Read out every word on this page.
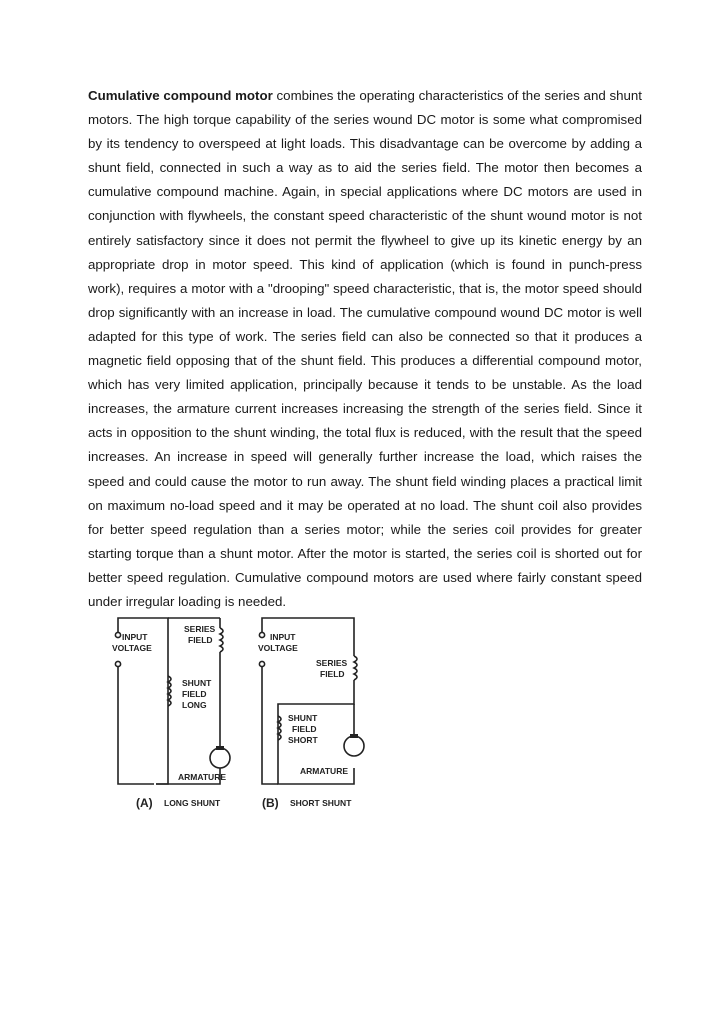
Cumulative compound motor combines the operating characteristics of the series and shunt motors. The high torque capability of the series wound DC motor is some what compromised by its tendency to overspeed at light loads. This disadvantage can be overcome by adding a shunt field, connected in such a way as to aid the series field. The motor then becomes a cumulative compound machine. Again, in special applications where DC motors are used in conjunction with flywheels, the constant speed characteristic of the shunt wound motor is not entirely satisfactory since it does not permit the flywheel to give up its kinetic energy by an appropriate drop in motor speed. This kind of application (which is found in punch-press work), requires a motor with a "drooping" speed characteristic, that is, the motor speed should drop significantly with an increase in load. The cumulative compound wound DC motor is well adapted for this type of work. The series field can also be connected so that it produces a magnetic field opposing that of the shunt field. This produces a differential compound motor, which has very limited application, principally because it tends to be unstable. As the load increases, the armature current increases increasing the strength of the series field. Since it acts in opposition to the shunt winding, the total flux is reduced, with the result that the speed increases. An increase in speed will generally further increase the load, which raises the speed and could cause the motor to run away. The shunt field winding places a practical limit on maximum no-load speed and it may be operated at no load. The shunt coil also provides for better speed regulation than a series motor; while the series coil provides for greater starting torque than a shunt motor. After the motor is started, the series coil is shorted out for better speed regulation. Cumulative compound motors are used where fairly constant speed under irregular loading is needed.

INPUT
VOLTAGE
SERIES
FIELD
SHUNT
FIELD
LONG
ARMATURE
(A) LONG SHUNT
INPUT
VOLTAGE
SERIES
FIELD
SHUNT
FIELD
SHORT
ARMATURE
(B) SHORT SHUNT
